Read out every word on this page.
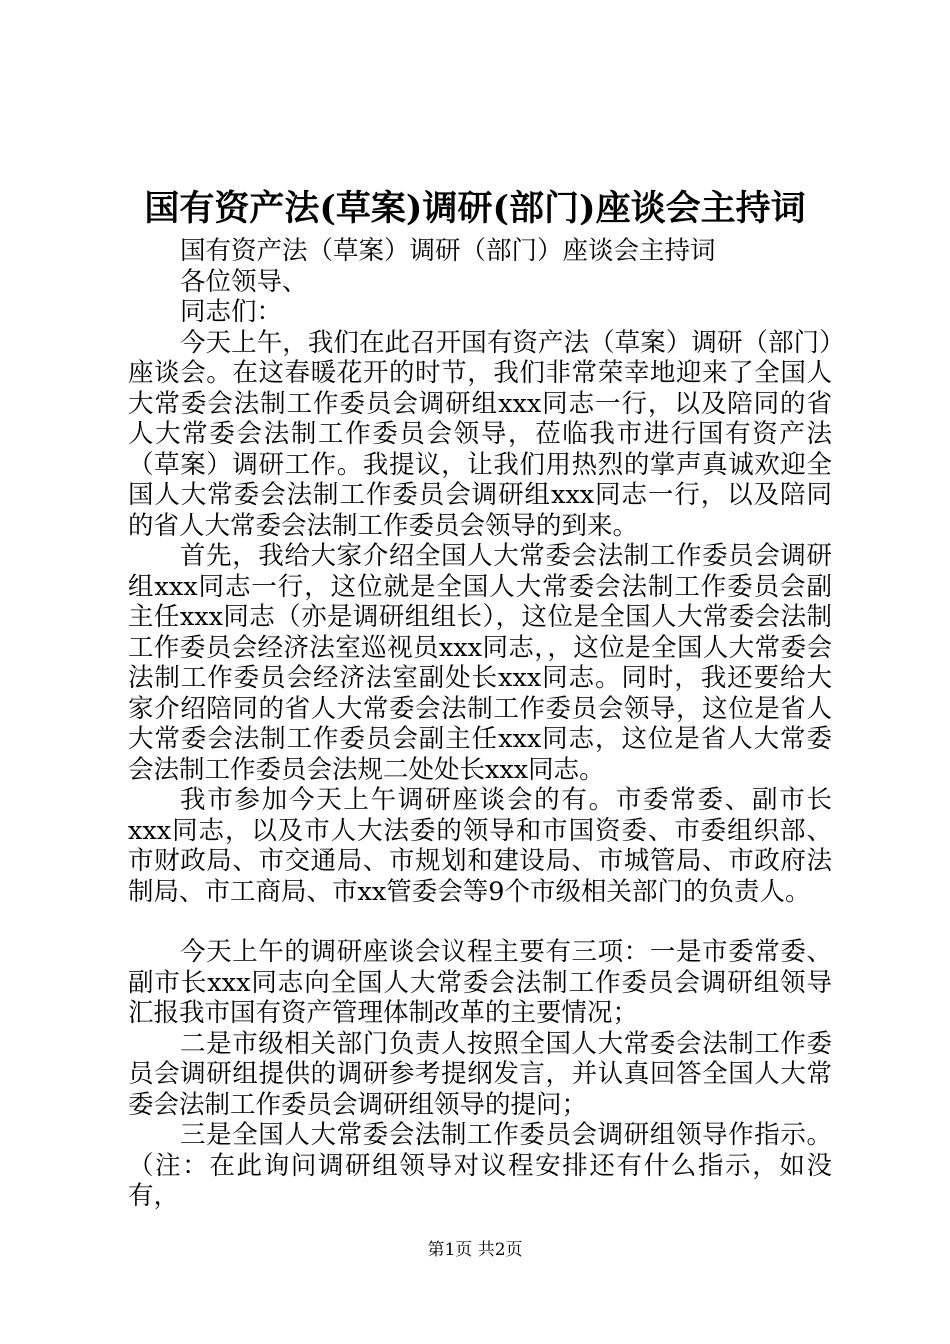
国有资产法(草案)调研(部门)座谈会主持词

国有资产法（草案）调研（部门）座谈会主持词

各位领导、

同志们：

今天上午，我们在此召开国有资产法（草案）调研（部门）座谈会。在这春暖花开的时节，我们非常荣幸地迎来了全国人大常委会法制工作委员会调研组xxx同志一行，以及陪同的省人大常委会法制工作委员会领导，莅临我市进行国有资产法（草案）调研工作。我提议，让我们用热烈的掌声真诚欢迎全国人大常委会法制工作委员会调研组xxx同志一行，以及陪同的省人大常委会法制工作委员会领导的到来。

首先，我给大家介绍全国人大常委会法制工作委员会调研组xxx同志一行，这位就是全国人大常委会法制工作委员会副主任xxx同志（亦是调研组组长），这位是全国人大常委会法制工作委员会经济法室巡视员xxx同志，，这位是全国人大常委会法制工作委员会经济法室副处长xxx同志。同时，我还要给大家介绍陪同的省人大常委会法制工作委员会领导，这位是省人大常委会法制工作委员会副主任xxx同志，这位是省人大常委会法制工作委员会法规二处处长xxx同志。

我市参加今天上午调研座谈会的有。市委常委、副市长xxx同志，以及市人大法委的领导和市国资委、市委组织部、市财政局、市交通局、市规划和建设局、市城管局、市政府法制局、市工商局、市xx管委会等9个市级相关部门的负责人。

今天上午的调研座谈会议程主要有三项：一是市委常委、副市长xxx同志向全国人大常委会法制工作委员会调研组领导汇报我市国有资产管理体制改革的主要情况；

二是市级相关部门负责人按照全国人大常委会法制工作委员会调研组提供的调研参考提纲发言，并认真回答全国人大常委会法制工作委员会调研组领导的提问；

三是全国人大常委会法制工作委员会调研组领导作指示。（注：在此询问调研组领导对议程安排还有什么指示，如没有，

第1页 共2页
